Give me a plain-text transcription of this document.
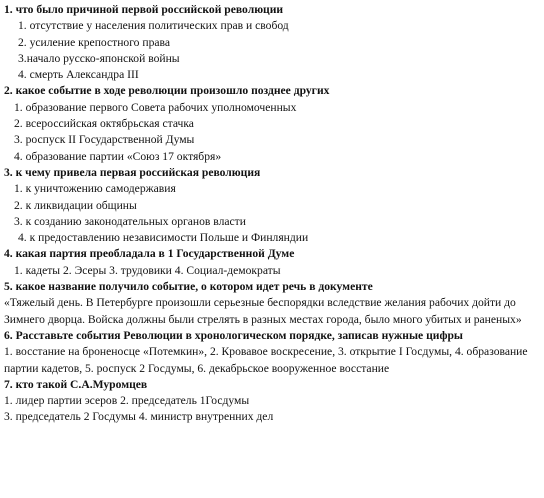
1. что было причиной первой российской революции
1. отсутствие у населения политических прав и свобод
2. усиление крепостного права
3.начало русско-японской войны
4. смерть Александра III
2. какое событие в ходе революции произошло позднее других
1. образование первого Совета рабочих уполномоченных
2. всероссийская октябрьская стачка
3. роспуск II Государственной Думы
4. образование партии «Союз 17 октября»
3. к чему привела первая российская революция
1. к уничтожению самодержавия
2. к ликвидации общины
3. к созданию законодательных органов власти
4. к предоставлению независимости Польше и Финляндии
4. какая партия преобладала в 1 Государственной Думе
1. кадеты 2. Эсеры 3. трудовики 4. Социал-демократы
5. какое название получило событие, о котором идет речь в документе
«Тяжелый день. В Петербурге произошли серьезные беспорядки вследствие желания рабочих дойти до Зимнего дворца. Войска должны были стрелять в разных местах города, было много убитых и раненых»
6. Расставьте события Революции в хронологическом порядке, записав нужные цифры
1. восстание на броненосце «Потемкин», 2. Кровавое воскресение, 3. открытие I Госдумы, 4. образование партии кадетов, 5. роспуск 2 Госдумы, 6. декабрьское вооруженное восстание
7. кто такой С.А.Муромцев
1. лидер партии эсеров 2. председатель 1Госдумы
3. председатель 2 Госдумы 4. министр внутренних дел
